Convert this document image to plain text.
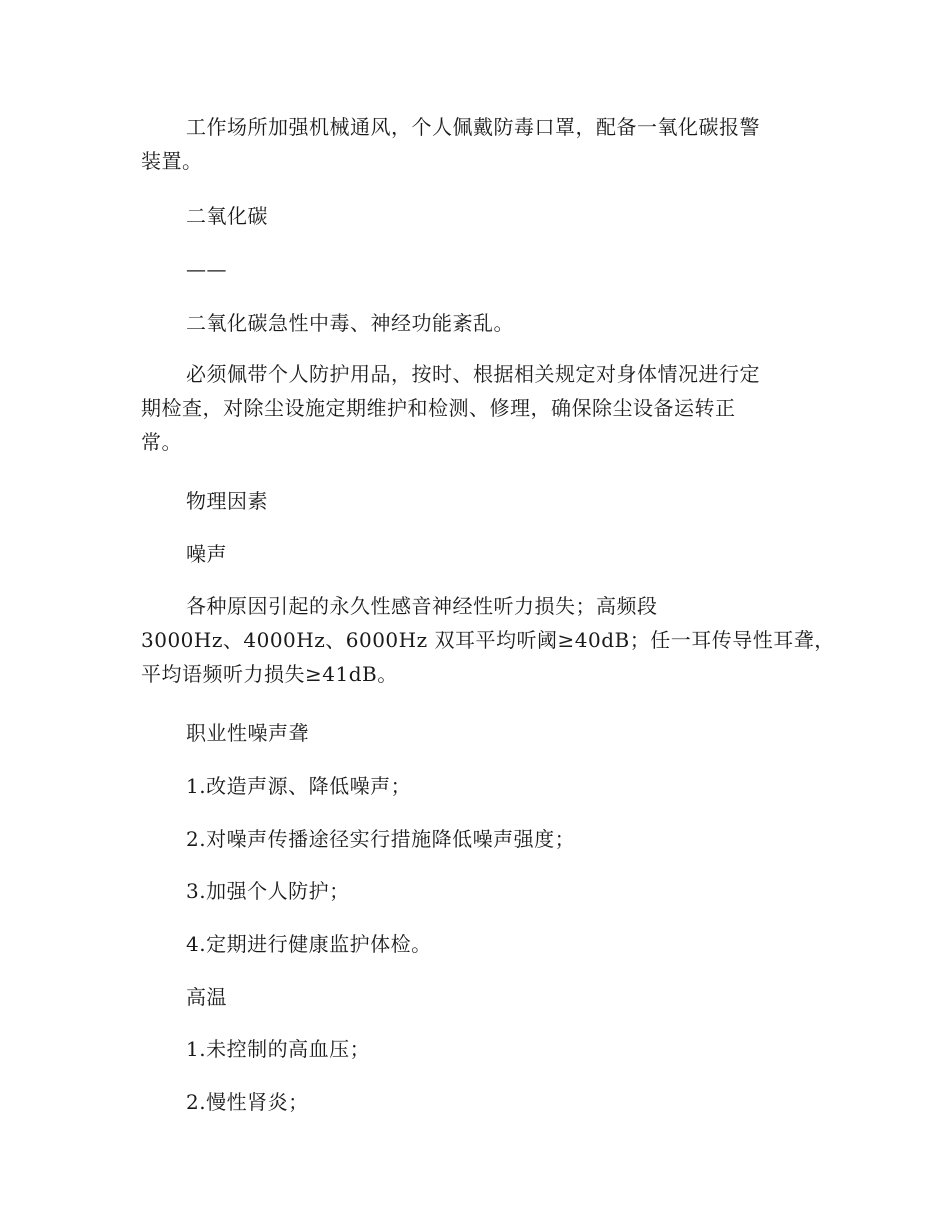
工作场所加强机械通风，个人佩戴防毒口罩，配备一氧化碳报警
装置。

二氧化碳

——

二氧化碳急性中毒、神经功能紊乱。

必须佩带个人防护用品，按时、根据相关规定对身体情况进行定
期检查，对除尘设施定期维护和检测、修理，确保除尘设备运转正
常。

物理因素

噪声

各种原因引起的永久性感音神经性听力损失；高频段
3000Hz、4000Hz、6000Hz 双耳平均听阈≥40dB；任一耳传导性耳聋，
平均语频听力损失≥41dB。

职业性噪声聋

1.改造声源、降低噪声；

2.对噪声传播途径实行措施降低噪声强度；

3.加强个人防护；

4.定期进行健康监护体检。

高温

1.未控制的高血压；

2.慢性肾炎；
